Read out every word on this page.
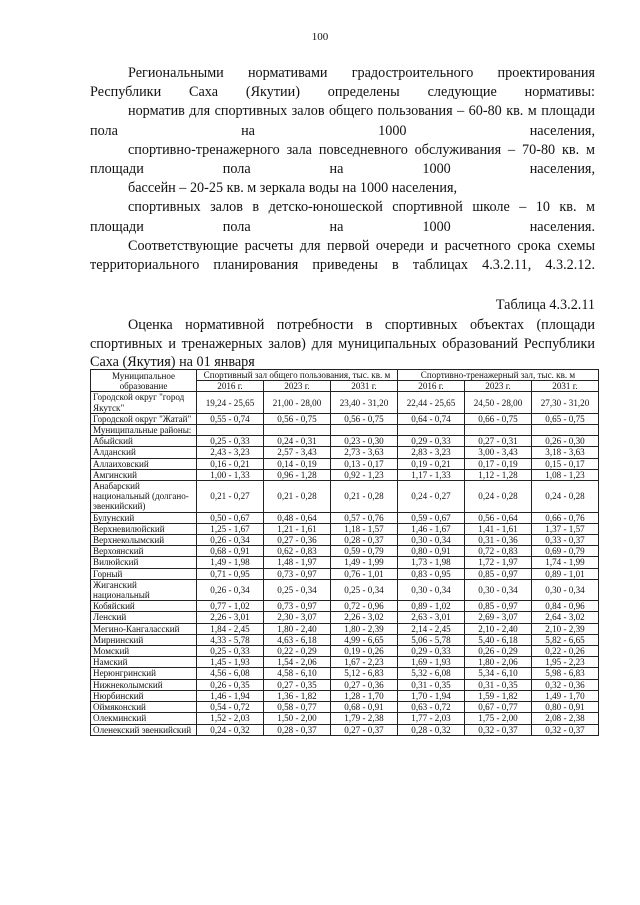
100

Региональными нормативами градостроительного проектирования Республики Саха (Якутии) определены следующие нормативы:

норматив для спортивных залов общего пользования – 60-80 кв. м площади пола на 1000 населения,

спортивно-тренажерного зала повседневного обслуживания – 70-80 кв. м площади пола на 1000 населения,

бассейн – 20-25 кв. м зеркала воды на 1000 населения,

спортивных залов в детско-юношеской спортивной школе – 10 кв. м площади пола на 1000 населения.

Соответствующие расчеты для первой очереди и расчетного срока схемы территориального планирования приведены в таблицах 4.3.2.11, 4.3.2.12.

Таблица 4.3.2.11
Оценка нормативной потребности в спортивных объектах (площади спортивных и тренажерных залов) для муниципальных образований Республики Саха (Якутия) на 01 января
Муниципальное образование	Спортивный зал общего пользования, тыс. кв. м			Спортивно-тренажерный зал, тыс. кв. м		
	2016 г.	2023 г.	2031 г.	2016 г.	2023 г.	2031 г.
Городской округ "город Якутск"	19,24 - 25,65	21,00 - 28,00	23,40 - 31,20	22,44 - 25,65	24,50 - 28,00	27,30 - 31,20
Городской округ "Жатай"	0,55 - 0,74	0,56 - 0,75	0,56 - 0,75	0,64 - 0,74	0,66 - 0,75	0,65 - 0,75
Муниципальные районы:						
Абыйский	0,25 - 0,33	0,24 - 0,31	0,23 - 0,30	0,29 - 0,33	0,27 - 0,31	0,26 - 0,30
Алданский	2,43 - 3,23	2,57 - 3,43	2,73 - 3,63	2,83 - 3,23	3,00 - 3,43	3,18 - 3,63
Аллаиховский	0,16 - 0,21	0,14 - 0,19	0,13 - 0,17	0,19 - 0,21	0,17 - 0,19	0,15 - 0,17
Амгинский	1,00 - 1,33	0,96 - 1,28	0,92 - 1,23	1,17 - 1,33	1,12 - 1,28	1,08 - 1,23
Анабарский национальный (долгано-эвенкийский)	0,21 - 0,27	0,21 - 0,28	0,21 - 0,28	0,24 - 0,27	0,24 - 0,28	0,24 - 0,28
Булунский	0,50 - 0,67	0,48 - 0,64	0,57 - 0,76	0,59 - 0,67	0,56 - 0,64	0,66 - 0,76
Верхневилюйский	1,25 - 1,67	1,21 - 1,61	1,18 - 1,57	1,46 - 1,67	1,41 - 1,61	1,37 - 1,57
Верхнеколымский	0,26 - 0,34	0,27 - 0,36	0,28 - 0,37	0,30 - 0,34	0,31 - 0,36	0,33 - 0,37
Верхоянский	0,68 - 0,91	0,62 - 0,83	0,59 - 0,79	0,80 - 0,91	0,72 - 0,83	0,69 - 0,79
Вилюйский	1,49 - 1,98	1,48 - 1,97	1,49 - 1,99	1,73 - 1,98	1,72 - 1,97	1,74 - 1,99
Горный	0,71 - 0,95	0,73 - 0,97	0,76 - 1,01	0,83 - 0,95	0,85 - 0,97	0,89 - 1,01
Жиганский национальный	0,26 - 0,34	0,25 - 0,34	0,25 - 0,34	0,30 - 0,34	0,30 - 0,34	0,30 - 0,34
Кобяйский	0,77 - 1,02	0,73 - 0,97	0,72 - 0,96	0,89 - 1,02	0,85 - 0,97	0,84 - 0,96
Ленский	2,26 - 3,01	2,30 - 3,07	2,26 - 3,02	2,63 - 3,01	2,69 - 3,07	2,64 - 3,02
Мегино-Кангаласский	1,84 - 2,45	1,80 - 2,40	1,80 - 2,39	2,14 - 2,45	2,10 - 2,40	2,10 - 2,39
Мирнинский	4,33 - 5,78	4,63 - 6,18	4,99 - 6,65	5,06 - 5,78	5,40 - 6,18	5,82 - 6,65
Момский	0,25 - 0,33	0,22 - 0,29	0,19 - 0,26	0,29 - 0,33	0,26 - 0,29	0,22 - 0,26
Намский	1,45 - 1,93	1,54 - 2,06	1,67 - 2,23	1,69 - 1,93	1,80 - 2,06	1,95 - 2,23
Нерюнгринский	4,56 - 6,08	4,58 - 6,10	5,12 - 6,83	5,32 - 6,08	5,34 - 6,10	5,98 - 6,83
Нижнеколымский	0,26 - 0,35	0,27 - 0,35	0,27 - 0,36	0,31 - 0,35	0,31 - 0,35	0,32 - 0,36
Нюрбинский	1,46 - 1,94	1,36 - 1,82	1,28 - 1,70	1,70 - 1,94	1,59 - 1,82	1,49 - 1,70
Оймяконский	0,54 - 0,72	0,58 - 0,77	0,68 - 0,91	0,63 - 0,72	0,67 - 0,77	0,80 - 0,91
Олекминский	1,52 - 2,03	1,50 - 2,00	1,79 - 2,38	1,77 - 2,03	1,75 - 2,00	2,08 - 2,38
Оленекский эвенкийский	0,24 - 0,32	0,28 - 0,37	0,27 - 0,37	0,28 - 0,32	0,32 - 0,37	0,32 - 0,37
